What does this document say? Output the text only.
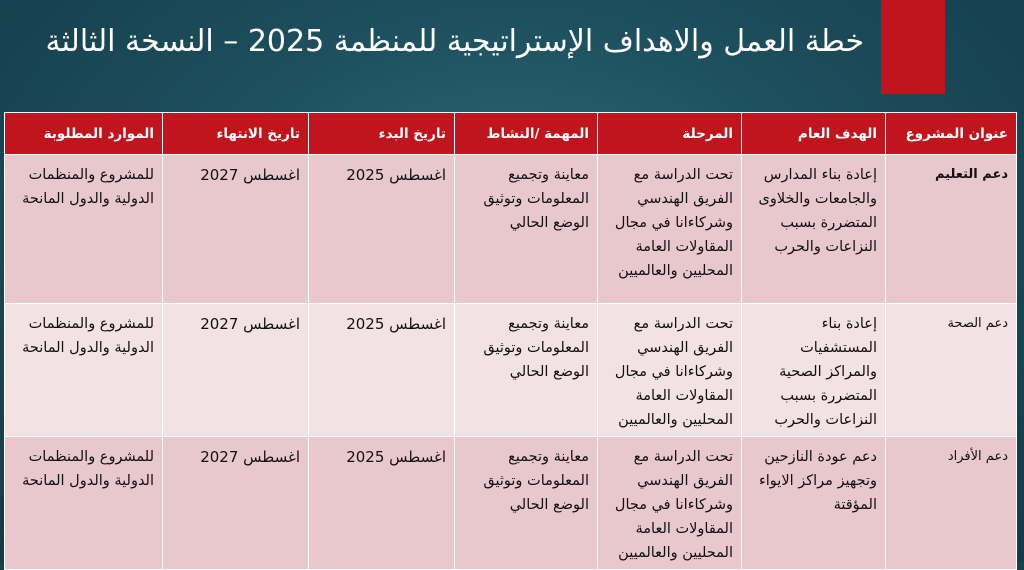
خطة العمل والاهداف الإستراتيجية للمنظمة 2025 – النسخة الثالثة
عنوان المشروع	الهدف العام	المرحلة	المهمة /النشاط	تاريخ البدء	تاريخ الانتهاء	الموارد المطلوبة
دعم التعليم	إعادة بناء المدارس والجامعات والخلاوى المتضررة بسبب النزاعات والحرب	تحت الدراسة مع الفريق الهندسي وشركاءانا في مجال المقاولات العامة المحليين والعالميين	معاينة وتجميع المعلومات وتوثيق الوضع الحالي	اغسطس 2025	اغسطس 2027	للمشروع والمنظمات الدولية والدول المانحة
دعم الصحة	إعادة بناء المستشفيات والمراكز الصحية المتضررة بسبب النزاعات والحرب	تحت الدراسة مع الفريق الهندسي وشركاءانا في مجال المقاولات العامة المحليين والعالميين	معاينة وتجميع المعلومات وتوثيق الوضع الحالي	اغسطس 2025	اغسطس 2027	للمشروع والمنظمات الدولية والدول المانحة
دعم الأفراد	دعم عودة النازحين وتجهيز مراكز الايواء المؤقتة	تحت الدراسة مع الفريق الهندسي وشركاءانا في مجال المقاولات العامة المحليين والعالميين	معاينة وتجميع المعلومات وتوثيق الوضع الحالي	اغسطس 2025	اغسطس 2027	للمشروع والمنظمات الدولية والدول المانحة
